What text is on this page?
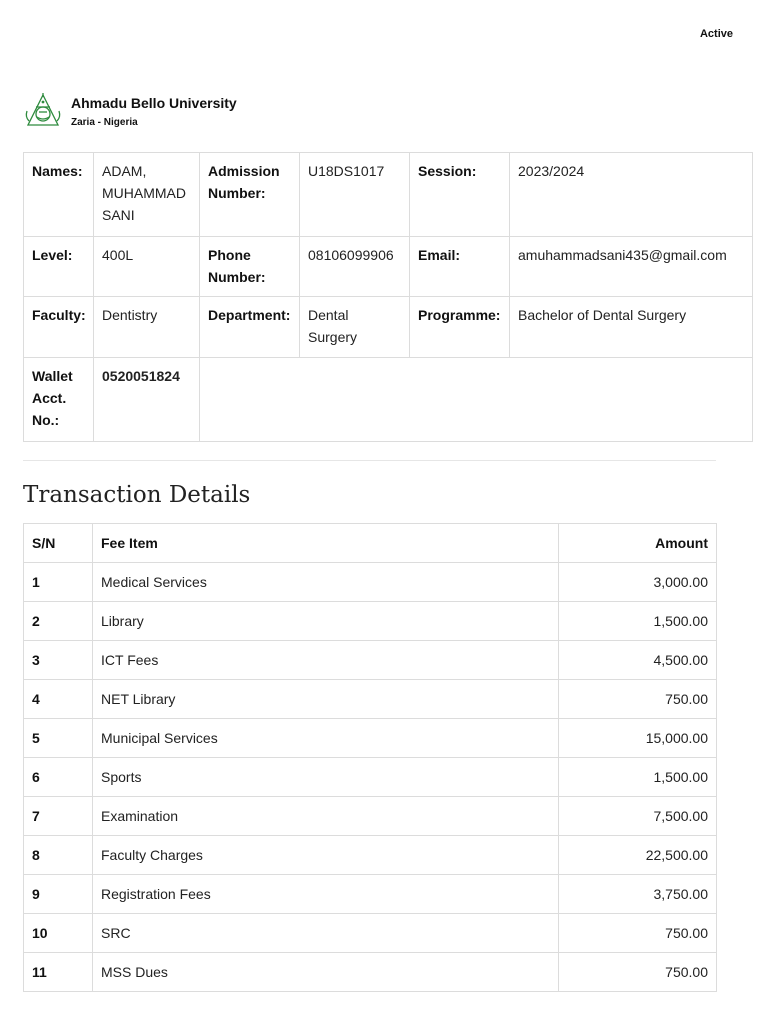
Active
Ahmadu Bello University
Zaria - Nigeria
Names:	ADAM, MUHAMMAD SANI	Admission Number:	U18DS1017	Session:	2023/2024
Level:	400L	Phone Number:	08106099906	Email:	amuhammadsani435@gmail.com
Faculty:	Dentistry	Department:	Dental Surgery	Programme:	Bachelor of Dental Surgery
Wallet Acct. No.:	0520051824				
Transaction Details
S/N	Fee Item	Amount
1	Medical Services	3,000.00
2	Library	1,500.00
3	ICT Fees	4,500.00
4	NET Library	750.00
5	Municipal Services	15,000.00
6	Sports	1,500.00
7	Examination	7,500.00
8	Faculty Charges	22,500.00
9	Registration Fees	3,750.00
10	SRC	750.00
11	MSS Dues	750.00
